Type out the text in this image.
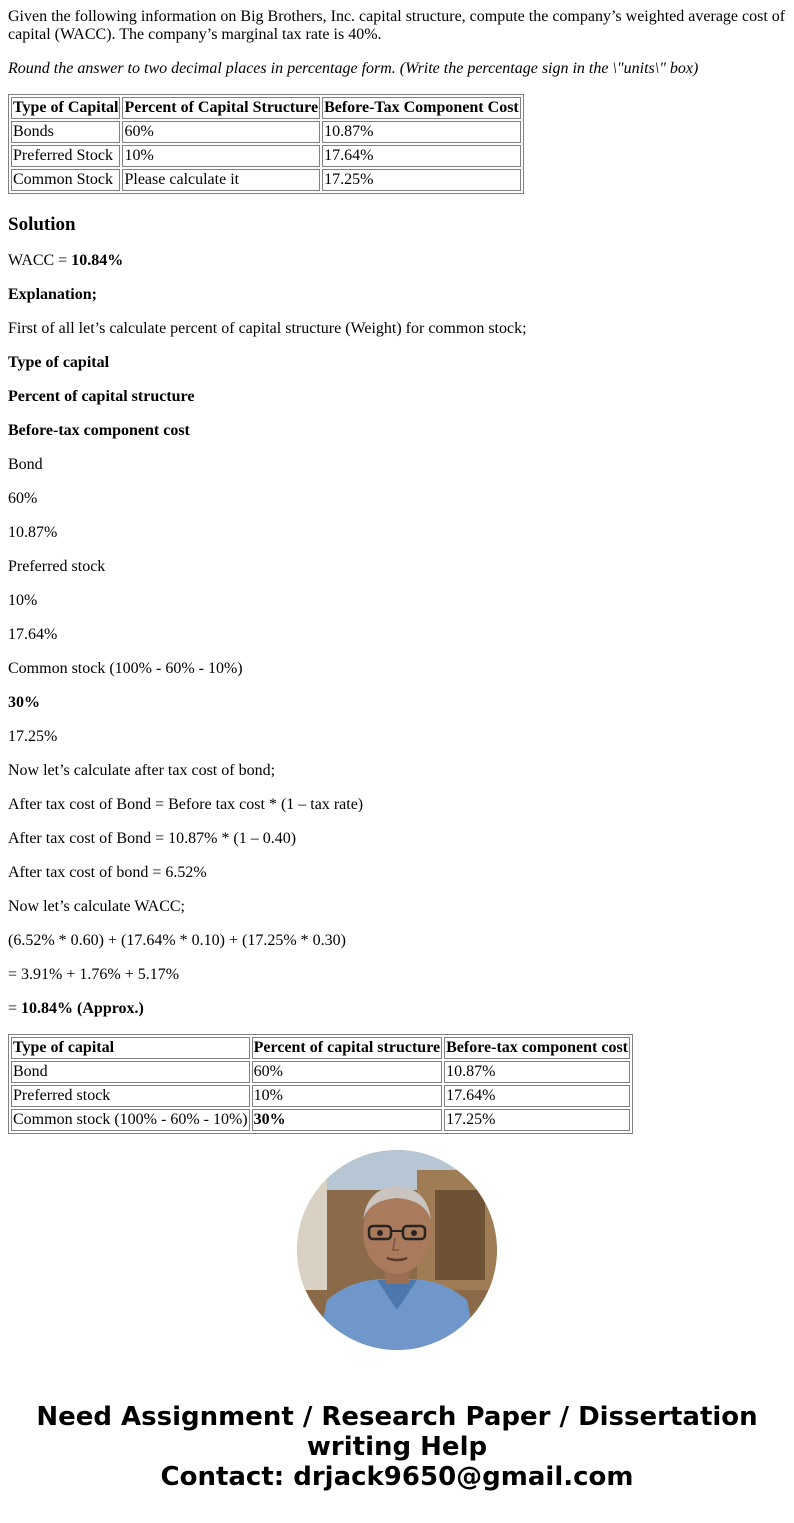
Given the following information on Big Brothers, Inc. capital structure, compute the company’s weighted average cost of capital (WACC). The company’s marginal tax rate is 40%.

Round the answer to two decimal places in percentage form. (Write the percentage sign in the \"units\" box)

Type of Capital	Percent of Capital Structure	Before-Tax Component Cost
Bonds	60%	10.87%
Preferred Stock	10%	17.64%
Common Stock	Please calculate it	17.25%
Solution

WACC = 10.84%

Explanation;

First of all let’s calculate percent of capital structure (Weight) for common stock;

Type of capital

Percent of capital structure

Before-tax component cost

Bond

60%

10.87%

Preferred stock

10%

17.64%

Common stock (100% - 60% - 10%)

30%

17.25%

Now let’s calculate after tax cost of bond;

After tax cost of Bond = Before tax cost * (1 – tax rate)

After tax cost of Bond = 10.87% * (1 – 0.40)

After tax cost of bond = 6.52%

Now let’s calculate WACC;

(6.52% * 0.60) + (17.64% * 0.10) + (17.25% * 0.30)

= 3.91% + 1.76% + 5.17%

= 10.84% (Approx.)

Type of capital	Percent of capital structure	Before-tax component cost
Bond	60%	10.87%
Preferred stock	10%	17.64%
Common stock (100% - 60% - 10%)	30%	17.25%
Need Assignment / Research Paper / Dissertation writing Help
Contact: drjack9650@gmail.com
